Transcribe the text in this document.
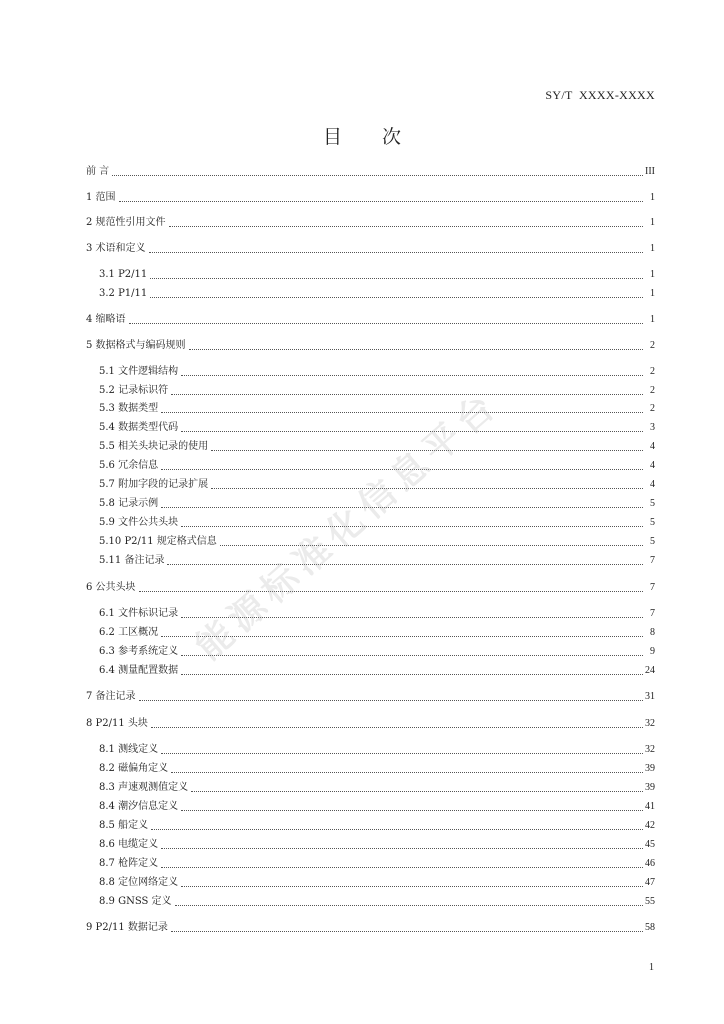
SY/T  XXXX-XXXX
目次
前 言	III
1 范围	1
2 规范性引用文件	1
3 术语和定义	1
3.1 P2/11	1
3.2 P1/11	1
4 缩略语	1
5 数据格式与编码规则	2
5.1 文件逻辑结构	2
5.2 记录标识符	2
5.3 数据类型	2
5.4 数据类型代码	3
5.5 相关头块记录的使用	4
5.6 冗余信息	4
5.7 附加字段的记录扩展	4
5.8 记录示例	5
5.9 文件公共头块	5
5.10 P2/11 规定格式信息	5
5.11 备注记录	7
6 公共头块	7
6.1 文件标识记录	7
6.2 工区概况	8
6.3 参考系统定义	9
6.4 测量配置数据	24
7 备注记录	31
8 P2/11 头块	32
8.1 测线定义	32
8.2 磁偏角定义	39
8.3 声速观测值定义	39
8.4 潮汐信息定义	41
8.5 船定义	42
8.6 电缆定义	45
8.7 枪阵定义	46
8.8 定位网络定义	47
8.9 GNSS 定义	55
9 P2/11 数据记录	58
能源标准化信息平台
1
